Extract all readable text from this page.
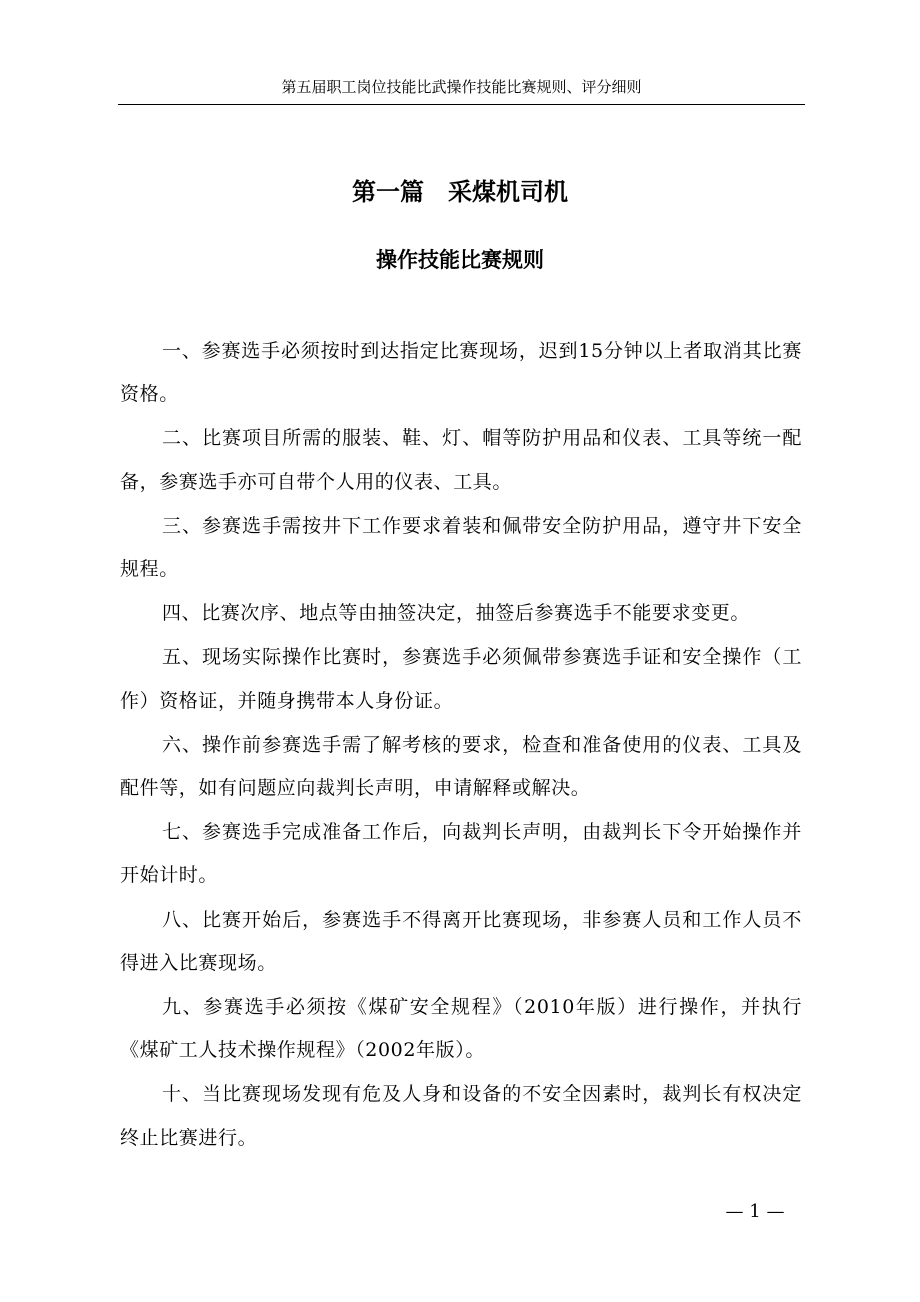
第五届职工岗位技能比武操作技能比赛规则、评分细则
第一篇　采煤机司机
操作技能比赛规则

一、参赛选手必须按时到达指定比赛现场，迟到15分钟以上者取消其比赛资格。

二、比赛项目所需的服装、鞋、灯、帽等防护用品和仪表、工具等统一配备，参赛选手亦可自带个人用的仪表、工具。

三、参赛选手需按井下工作要求着装和佩带安全防护用品，遵守井下安全规程。

四、比赛次序、地点等由抽签决定，抽签后参赛选手不能要求变更。

五、现场实际操作比赛时，参赛选手必须佩带参赛选手证和安全操作（工作）资格证，并随身携带本人身份证。

六、操作前参赛选手需了解考核的要求，检查和准备使用的仪表、工具及配件等，如有问题应向裁判长声明，申请解释或解决。

七、参赛选手完成准备工作后，向裁判长声明，由裁判长下令开始操作并开始计时。

八、比赛开始后，参赛选手不得离开比赛现场，非参赛人员和工作人员不得进入比赛现场。

九、参赛选手必须按《煤矿安全规程》（2010年版）进行操作，并执行《煤矿工人技术操作规程》（2002年版）。

十、当比赛现场发现有危及人身和设备的不安全因素时，裁判长有权决定终止比赛进行。

— 1 —
